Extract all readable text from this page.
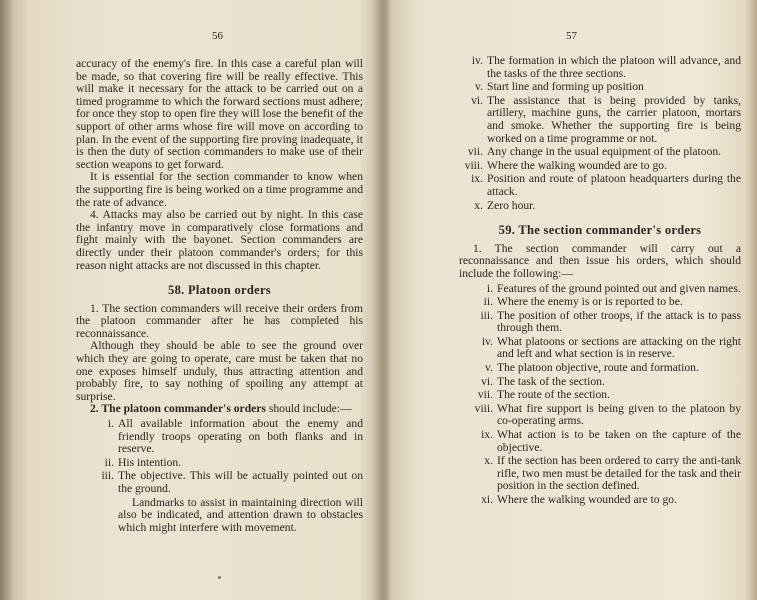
56

accuracy of the enemy's fire. In this case a careful plan will be made, so that covering fire will be really effective. This will make it necessary for the attack to be carried out on a timed programme to which the forward sections must adhere; for once they stop to open fire they will lose the benefit of the support of other arms whose fire will move on according to plan. In the event of the supporting fire proving inadequate, it is then the duty of section commanders to make use of their section weapons to get forward.

It is essential for the section commander to know when the supporting fire is being worked on a time programme and the rate of advance.

4. Attacks may also be carried out by night. In this case the infantry move in comparatively close formations and fight mainly with the bayonet. Section commanders are directly under their platoon commander's orders; for this reason night attacks are not discussed in this chapter.

58. Platoon orders

1. The section commanders will receive their orders from the platoon commander after he has completed his reconnaissance.

Although they should be able to see the ground over which they are going to operate, care must be taken that no one exposes himself unduly, thus attracting attention and probably fire, to say nothing of spoiling any attempt at surprise.

2. The platoon commander's orders should include:—

i. All available information about the enemy and friendly troops operating on both flanks and in reserve.
ii. His intention.
iii. The objective. This will be actually pointed out on the ground.
Landmarks to assist in maintaining direction will also be indicated, and attention drawn to obstacles which might interfere with movement.
57
iv. The formation in which the platoon will advance, and the tasks of the three sections.
v. Start line and forming up position
vi. The assistance that is being provided by tanks, artillery, machine guns, the carrier platoon, mortars and smoke. Whether the supporting fire is being worked on a time programme or not.
vii. Any change in the usual equipment of the platoon.
viii. Where the walking wounded are to go.
ix. Position and route of platoon headquarters during the attack.
x. Zero hour.
59. The section commander's orders

1. The section commander will carry out a reconnaissance and then issue his orders, which should include the following:—

i. Features of the ground pointed out and given names.
ii. Where the enemy is or is reported to be.
iii. The position of other troops, if the attack is to pass through them.
iv. What platoons or sections are attacking on the right and left and what section is in reserve.
v. The platoon objective, route and formation.
vi. The task of the section.
vii. The route of the section.
viii. What fire support is being given to the platoon by co-operating arms.
ix. What action is to be taken on the capture of the objective.
x. If the section has been ordered to carry the anti-tank rifle, two men must be detailed for the task and their position in the section defined.
xi. Where the walking wounded are to go.
